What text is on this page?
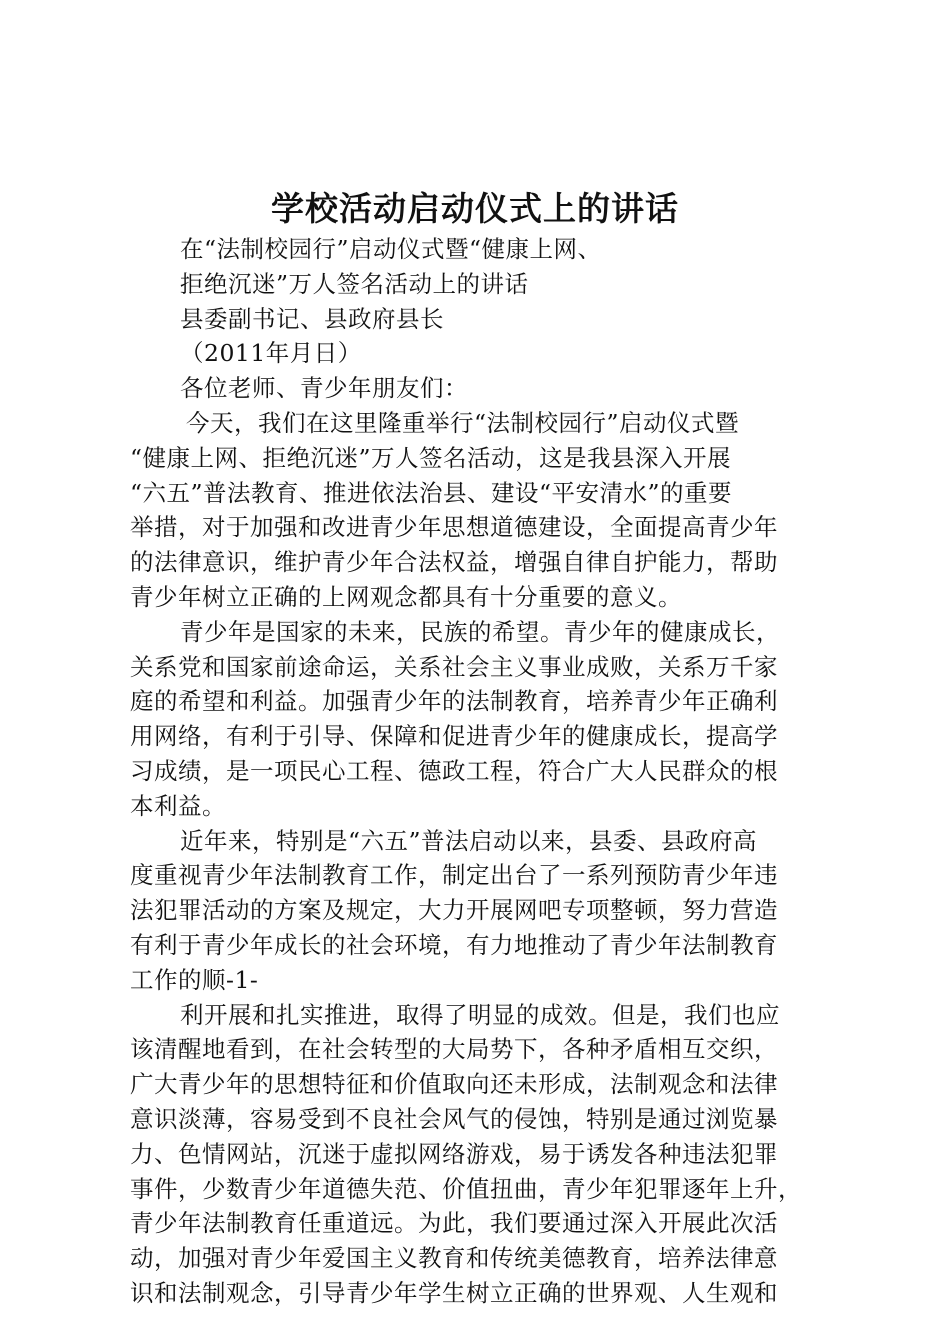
学校活动启动仪式上的讲话
在“法制校园行”启动仪式暨“健康上网、
拒绝沉迷”万人签名活动上的讲话
县委副书记、县政府县长
（2011年月日）
各位老师、青少年朋友们：
今天，我们在这里隆重举行“法制校园行”启动仪式暨
“健康上网、拒绝沉迷”万人签名活动，这是我县深入开展
“六五”普法教育、推进依法治县、建设“平安清水”的重要
举措，对于加强和改进青少年思想道德建设，全面提高青少年
的法律意识，维护青少年合法权益，增强自律自护能力，帮助
青少年树立正确的上网观念都具有十分重要的意义。
青少年是国家的未来，民族的希望。青少年的健康成长，
关系党和国家前途命运，关系社会主义事业成败，关系万千家
庭的希望和利益。加强青少年的法制教育，培养青少年正确利
用网络，有利于引导、保障和促进青少年的健康成长，提高学
习成绩，是一项民心工程、德政工程，符合广大人民群众的根
本利益。
近年来，特别是“六五”普法启动以来，县委、县政府高
度重视青少年法制教育工作，制定出台了一系列预防青少年违
法犯罪活动的方案及规定，大力开展网吧专项整顿，努力营造
有利于青少年成长的社会环境，有力地推动了青少年法制教育
工作的顺-1-
利开展和扎实推进，取得了明显的成效。但是，我们也应
该清醒地看到，在社会转型的大局势下，各种矛盾相互交织，
广大青少年的思想特征和价值取向还未形成，法制观念和法律
意识淡薄，容易受到不良社会风气的侵蚀，特别是通过浏览暴
力、色情网站，沉迷于虚拟网络游戏，易于诱发各种违法犯罪
事件，少数青少年道德失范、价值扭曲，青少年犯罪逐年上升，
青少年法制教育任重道远。为此，我们要通过深入开展此次活
动，加强对青少年爱国主义教育和传统美德教育，培养法律意
识和法制观念，引导青少年学生树立正确的世界观、人生观和
